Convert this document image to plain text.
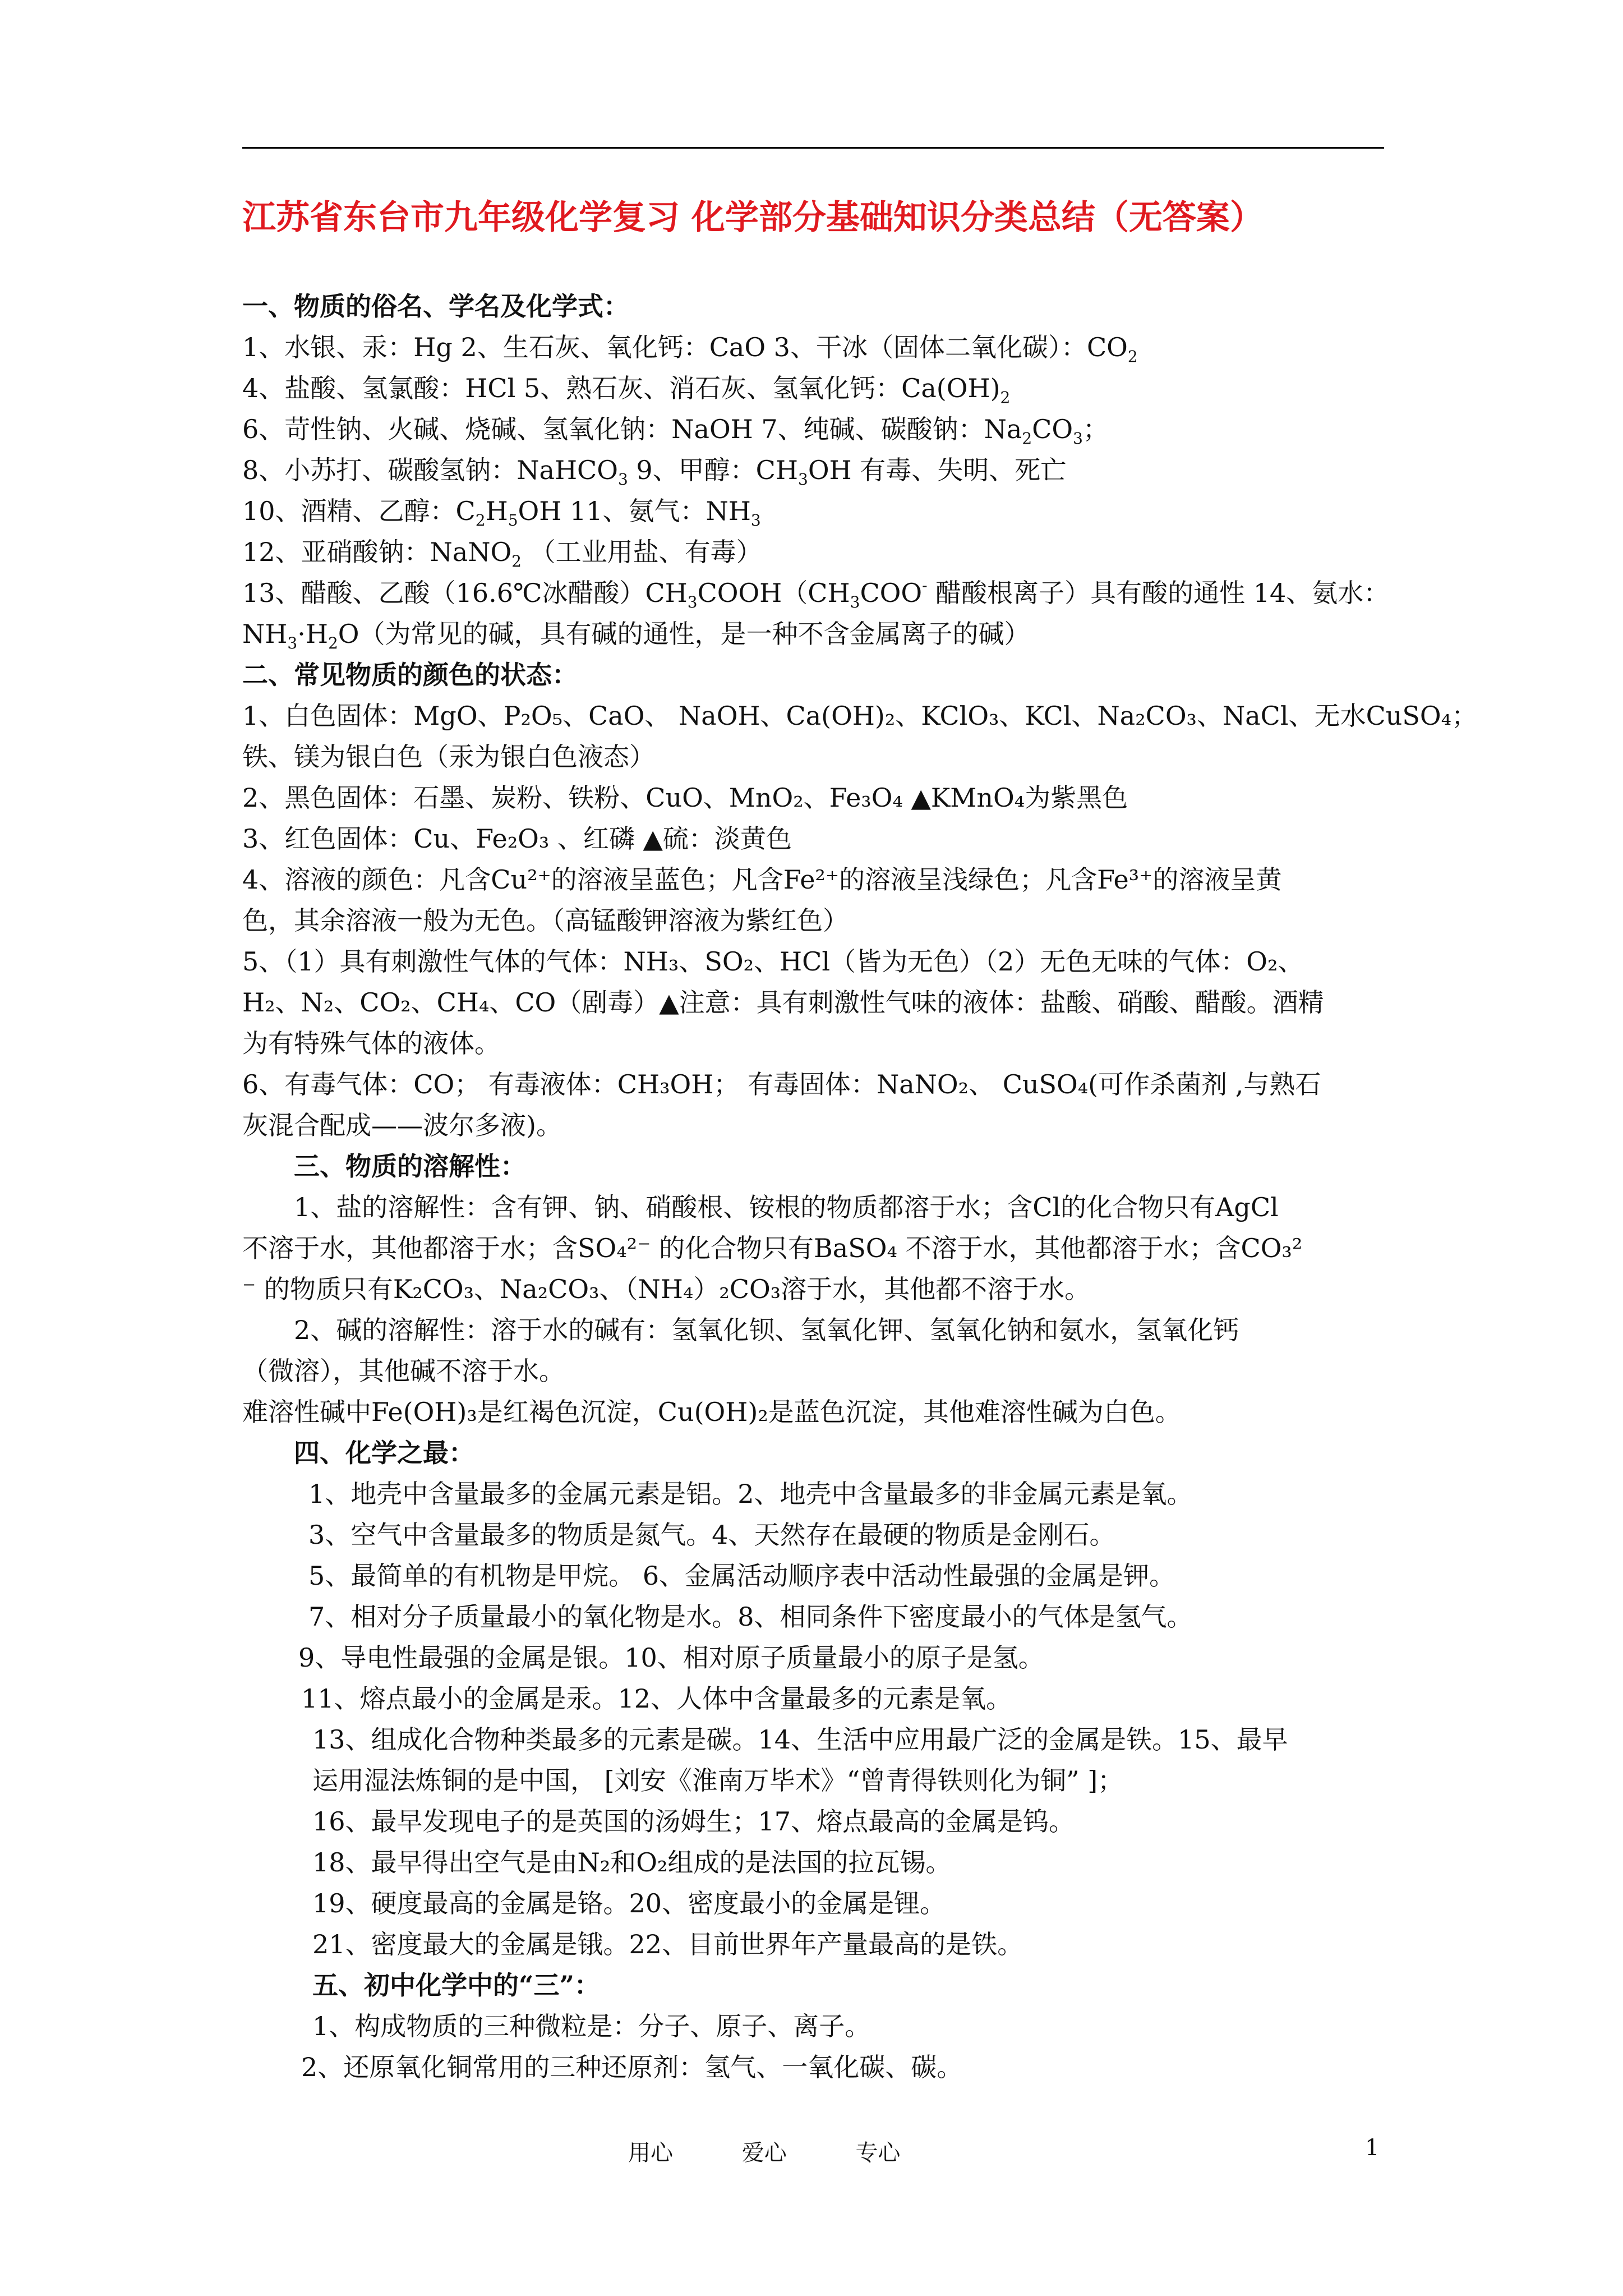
江苏省东台市九年级化学复习 化学部分基础知识分类总结（无答案）
一、物质的俗名、学名及化学式：
1、水银、汞：Hg 2、生石灰、氧化钙：CaO 3、干冰（固体二氧化碳）：$CO_2$
4、盐酸、氢氯酸：HCl 5、熟石灰、消石灰、氢氧化钙：$Ca(OH)_2$
6、苛性钠、火碱、烧碱、氢氧化钠：NaOH 7、纯碱、碳酸钠：$Na_2CO_3$；
8、小苏打、碳酸氢钠：NaHCO$_3$ 9、甲醇：$CH_3OH$ 有毒、失明、死亡
10、酒精、乙醇：$C_2H_5OH$ 11、氨气：$NH_3$
12、亚硝酸钠：NaNO$_2$ （工业用盐、有毒）
13、醋酸、乙酸（16.6℃冰醋酸）$CH_3COOH(CH_3COO^-$ 醋酸根离子）具有酸的通性 14、氨水：
$NH_3\cdot H_2O$（为常见的碱，具有碱的通性，是一种不含金属离子的碱）
二、常见物质的颜色的状态：
1、白色固体：MgO、P₂O₅、CaO、 NaOH、Ca(OH)₂、KClO₃、KCl、Na₂CO₃、NaCl、无水CuSO₄；
铁、镁为银白色（汞为银白色液态）
2、黑色固体：石墨、炭粉、铁粉、CuO、MnO₂、Fe₃O₄ ▲KMnO₄为紫黑色
3、红色固体：Cu、Fe₂O₃ 、红磷 ▲硫：淡黄色
4、溶液的颜色：凡含Cu²⁺的溶液呈蓝色；凡含Fe²⁺的溶液呈浅绿色；凡含Fe³⁺的溶液呈黄
色，其余溶液一般为无色。（高锰酸钾溶液为紫红色）
5、（1）具有刺激性气体的气体：NH₃、SO₂、HCl（皆为无色）（2）无色无味的气体：O₂、
H₂、N₂、CO₂、CH₄、CO（剧毒）▲注意：具有刺激性气味的液体：盐酸、硝酸、醋酸。酒精
为有特殊气体的液体。
6、有毒气体：CO； 有毒液体：CH₃OH； 有毒固体：NaNO₂、 CuSO₄(可作杀菌剂 ,与熟石
灰混合配成——波尔多液)。
三、物质的溶解性：
1、盐的溶解性：含有钾、钠、硝酸根、铵根的物质都溶于水；含Cl的化合物只有AgCl
不溶于水，其他都溶于水；含SO₄²⁻ 的化合物只有BaSO₄ 不溶于水，其他都溶于水；含CO₃²
⁻ 的物质只有K₂CO₃、Na₂CO₃、（NH₄）₂CO₃溶于水，其他都不溶于水。
2、碱的溶解性：溶于水的碱有：氢氧化钡、氢氧化钾、氢氧化钠和氨水，氢氧化钙
（微溶），其他碱不溶于水。
难溶性碱中Fe(OH)₃是红褐色沉淀，Cu(OH)₂是蓝色沉淀，其他难溶性碱为白色。
四、化学之最：
1、地壳中含量最多的金属元素是铝。2、地壳中含量最多的非金属元素是氧。
3、空气中含量最多的物质是氮气。4、天然存在最硬的物质是金刚石。
5、最简单的有机物是甲烷。 6、金属活动顺序表中活动性最强的金属是钾。
7、相对分子质量最小的氧化物是水。8、相同条件下密度最小的气体是氢气。
9、导电性最强的金属是银。10、相对原子质量最小的原子是氢。
11、熔点最小的金属是汞。12、人体中含量最多的元素是氧。
13、组成化合物种类最多的元素是碳。14、生活中应用最广泛的金属是铁。15、最早
运用湿法炼铜的是中国， [刘安《淮南万毕术》“曾青得铁则化为铜” ]；
16、最早发现电子的是英国的汤姆生；17、熔点最高的金属是钨。
18、最早得出空气是由N₂和O₂组成的是法国的拉瓦锡。
19、硬度最高的金属是铬。20、密度最小的金属是锂。
21、密度最大的金属是锇。22、目前世界年产量最高的是铁。
五、初中化学中的“三”：
1、构成物质的三种微粒是：分子、原子、离子。
2、还原氧化铜常用的三种还原剂：氢气、一氧化碳、碳。
用心	爱心	专心	1
